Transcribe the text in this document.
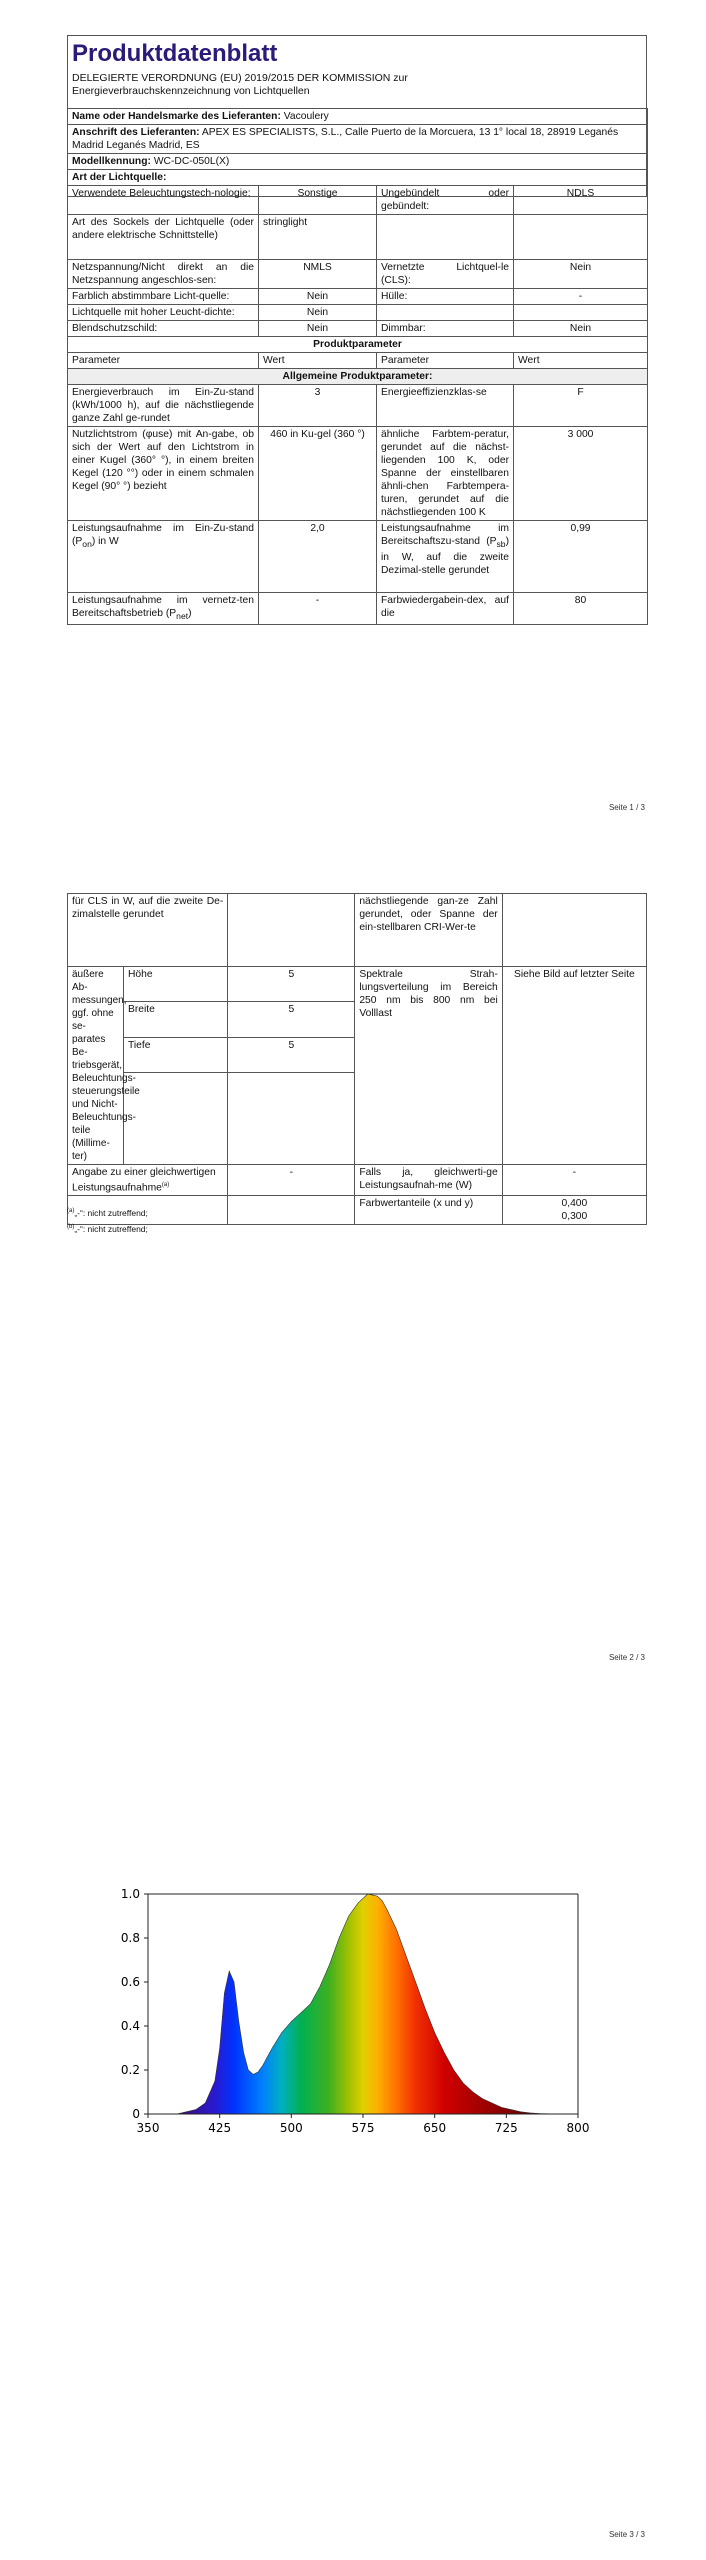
Produktdatenblatt
DELEGIERTE VERORDNUNG (EU) 2019/2015 DER KOMMISSION zur
Energieverbrauchskennzeichnung von Lichtquellen
Name oder Handelsmarke des Lieferanten: Vacoulery			
Anschrift des Lieferanten: APEX ES SPECIALISTS, S.L., Calle Puerto de la Morcuera, 13 1° local 18, 28919 Leganés Madrid Leganés Madrid, ES			
Modellkennung: WC-DC-050L(X)			
Art der Lichtquelle:			
Verwendete Beleuchtungstech-nologie:	Sonstige	Ungebündelt oder gebündelt:	NDLS
Art des Sockels der Lichtquelle (oder andere elektrische Schnittstelle)	stringlight		
Netzspannung/Nicht direkt an die Netzspannung angeschlos-sen:	NMLS	Vernetzte Lichtquel-le (CLS):	Nein
Farblich abstimmbare Licht-quelle:	Nein	Hülle:	-
Lichtquelle mit hoher Leucht-dichte:	Nein		
Blendschutzschild:	Nein	Dimmbar:	Nein
Produktparameter			
Parameter	Wert	Parameter	Wert
Allgemeine Produktparameter:			
Energieverbrauch im Ein-Zu-stand (kWh/1000 h), auf die nächstliegende ganze Zahl ge-rundet	3	Energieeffizienzklas-se	F
Nutzlichtstrom (φuse) mit An-gabe, ob sich der Wert auf den Lichtstrom in einer Kugel (360° °), in einem breiten Kegel (120 °°) oder in einem schmalen Kegel (90° °) bezieht	460 in Ku-gel (360 °)	ähnliche Farbtem-peratur, gerundet auf die nächst-liegenden 100 K, oder Spanne der einstellbaren ähnli-chen Farbtempera-turen, gerundet auf die nächstliegenden 100 K	3 000
Leistungsaufnahme im Ein-Zu-stand $(P_{on})$ in W	2,0	Leistungsaufnahme im Bereitschaftszu-stand $(P_{sb})$ in W, auf die zweite Dezimal-stelle gerundet	0,99
Leistungsaufnahme im vernetz-ten Bereitschaftsbetrieb $(P_{net})$	-	Farbwiedergabein-dex, auf die	80
Seite 1 / 3
für CLS in W, auf die zweite De-zimalstelle gerundet			nächstliegende gan-ze Zahl gerundet, oder Spanne der ein-stellbaren CRI-Wer-te	
äußere Ab-messungen, ggf. ohne se-parates Be-triebsgerät, Beleuchtungs-steuerungsteile und Nicht-Beleuchtungs-teile (Millime-ter)	Höhe	5	Spektrale Strah-lungsverteilung im Bereich 250 nm bis 800 nm bei Volllast	Siehe Bild auf letzter Seite
	Breite	5		
	Tiefe	5		

Angabe zu einer gleichwertigen Leistungsaufnahme$^{(a)}$		-	Falls ja, gleichwerti-ge Leistungsaufnah-me (W)	-
			Farbwertanteile (x und y)	0,400
0,300
$^{(a)}$„-“: nicht zutreffend;
$^{(b)}$„-“: nicht zutreffend;
Seite 2 / 3
350	425	500	575	650	725	800
0
0.2
0.4
0.6
0.8
1.0
Seite 3 / 3
